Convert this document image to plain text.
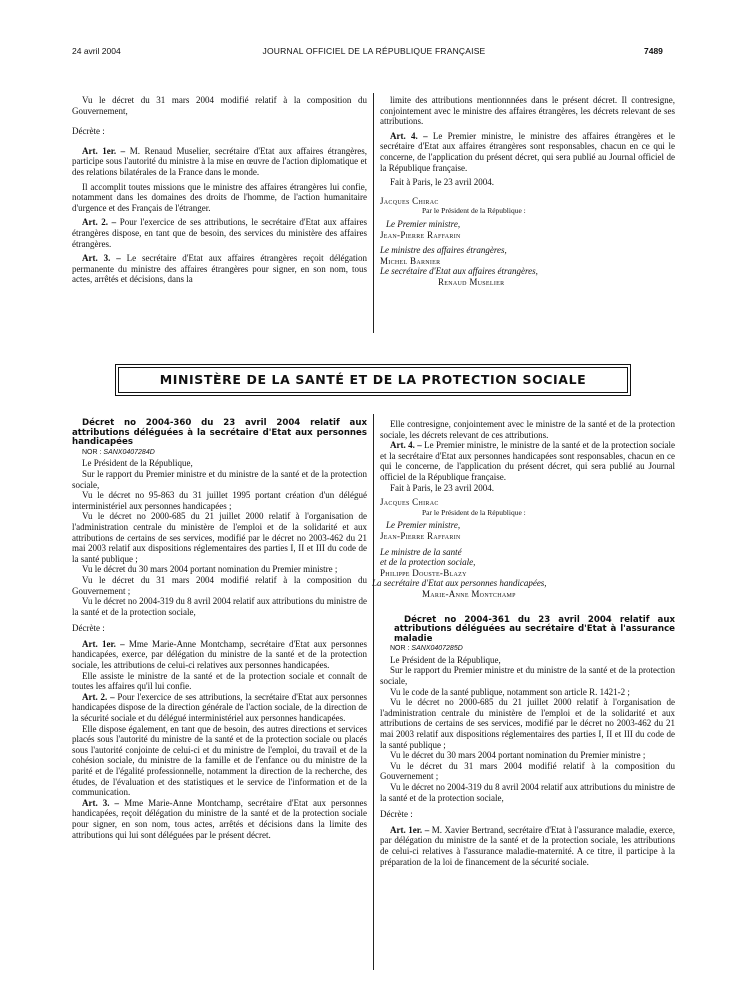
24 avril 2004	JOURNAL OFFICIEL DE LA RÉPUBLIQUE FRANÇAISE	7489

Vu le décret du 31 mars 2004 modifié relatif à la composition du Gouvernement,

Décrète :

Art. 1er. – M. Renaud Muselier, secrétaire d'Etat aux affaires étrangères, participe sous l'autorité du ministre à la mise en œuvre de l'action diplomatique et des relations bilatérales de la France dans le monde.

Il accomplit toutes missions que le ministre des affaires étrangères lui confie, notamment dans les domaines des droits de l'homme, de l'action humanitaire d'urgence et des Français de l'étranger.

Art. 2. – Pour l'exercice de ses attributions, le secrétaire d'Etat aux affaires étrangères dispose, en tant que de besoin, des services du ministère des affaires étrangères.

Art. 3. – Le secrétaire d'Etat aux affaires étrangères reçoit délégation permanente du ministre des affaires étrangères pour signer, en son nom, tous actes, arrêtés et décisions, dans la

limite des attributions mentionnnées dans le présent décret. Il contresigne, conjointement avec le ministre des affaires étrangères, les décrets relevant de ses attributions.

Art. 4. – Le Premier ministre, le ministre des affaires étrangères et le secrétaire d'Etat aux affaires étrangères sont responsables, chacun en ce qui le concerne, de l'application du présent décret, qui sera publié au Journal officiel de la République française.

Fait à Paris, le 23 avril 2004.

Jacques Chirac

Par le Président de la République :

Le Premier ministre,

Jean-Pierre Raffarin

Le ministre des affaires étrangères,

Michel Barnier

Le secrétaire d'Etat aux affaires étrangères,

Renaud Muselier

MINISTÈRE DE LA SANTÉ ET DE LA PROTECTION SOCIALE

Décret no 2004-360 du 23 avril 2004 relatif aux attributions déléguées à la secrétaire d'Etat aux personnes handicapées

NOR : SANX0407284D

Le Président de la République,

Sur le rapport du Premier ministre et du ministre de la santé et de la protection sociale,

Vu le décret no 95-863 du 31 juillet 1995 portant création d'un délégué interministériel aux personnes handicapées ;

Vu le décret no 2000-685 du 21 juillet 2000 relatif à l'organisation de l'administration centrale du ministère de l'emploi et de la solidarité et aux attributions de certains de ses services, modifié par le décret no 2003-462 du 21 mai 2003 relatif aux dispositions réglementaires des parties I, II et III du code de la santé publique ;

Vu le décret du 30 mars 2004 portant nomination du Premier ministre ;

Vu le décret du 31 mars 2004 modifié relatif à la composition du Gouvernement ;

Vu le décret no 2004-319 du 8 avril 2004 relatif aux attributions du ministre de la santé et de la protection sociale,

Décrète :

Art. 1er. – Mme Marie-Anne Montchamp, secrétaire d'Etat aux personnes handicapées, exerce, par délégation du ministre de la santé et de la protection sociale, les attributions de celui-ci relatives aux personnes handicapées.

Elle assiste le ministre de la santé et de la protection sociale et connaît de toutes les affaires qu'il lui confie.

Art. 2. – Pour l'exercice de ses attributions, la secrétaire d'Etat aux personnes handicapées dispose de la direction générale de l'action sociale, de la direction de la sécurité sociale et du délégué interministériel aux personnes handicapées.

Elle dispose également, en tant que de besoin, des autres directions et services placés sous l'autorité du ministre de la santé et de la protection sociale ou placés sous l'autorité conjointe de celui-ci et du ministre de l'emploi, du travail et de la cohésion sociale, du ministre de la famille et de l'enfance ou du ministre de la parité et de l'égalité professionnelle, notamment la direction de la recherche, des études, de l'évaluation et des statistiques et le service de l'information et de la communication.

Art. 3. – Mme Marie-Anne Montchamp, secrétaire d'Etat aux personnes handicapées, reçoit délégation du ministre de la santé et de la protection sociale pour signer, en son nom, tous actes, arrêtés et décisions dans la limite des attributions qui lui sont déléguées par le présent décret.

Elle contresigne, conjointement avec le ministre de la santé et de la protection sociale, les décrets relevant de ces attributions.

Art. 4. – Le Premier ministre, le ministre de la santé et de la protection sociale et la secrétaire d'Etat aux personnes handicapées sont responsables, chacun en ce qui le concerne, de l'application du présent décret, qui sera publié au Journal officiel de la République française.

Fait à Paris, le 23 avril 2004.

Jacques Chirac

Par le Président de la République :

Le Premier ministre,

Jean-Pierre Raffarin

Le ministre de la santé

et de la protection sociale,

Philippe Douste-Blazy

La secrétaire d'Etat aux personnes handicapées,

Marie-Anne Montchamp

Décret no 2004-361 du 23 avril 2004 relatif aux attributions déléguées au secrétaire d'Etat à l'assurance maladie

NOR : SANX0407285D

Le Président de la République,

Sur le rapport du Premier ministre et du ministre de la santé et de la protection sociale,

Vu le code de la santé publique, notamment son article R. 1421-2 ;

Vu le décret no 2000-685 du 21 juillet 2000 relatif à l'organisation de l'administration centrale du ministère de l'emploi et de la solidarité et aux attributions de certains de ses services, modifié par le décret no 2003-462 du 21 mai 2003 relatif aux dispositions réglementaires des parties I, II et III du code de la santé publique ;

Vu le décret du 30 mars 2004 portant nomination du Premier ministre ;

Vu le décret du 31 mars 2004 modifié relatif à la composition du Gouvernement ;

Vu le décret no 2004-319 du 8 avril 2004 relatif aux attributions du ministre de la santé et de la protection sociale,

Décrète :

Art. 1er. – M. Xavier Bertrand, secrétaire d'Etat à l'assurance maladie, exerce, par délégation du ministre de la santé et de la protection sociale, les attributions de celui-ci relatives à l'assurance maladie-maternité. A ce titre, il participe à la préparation de la loi de financement de la sécurité sociale.
